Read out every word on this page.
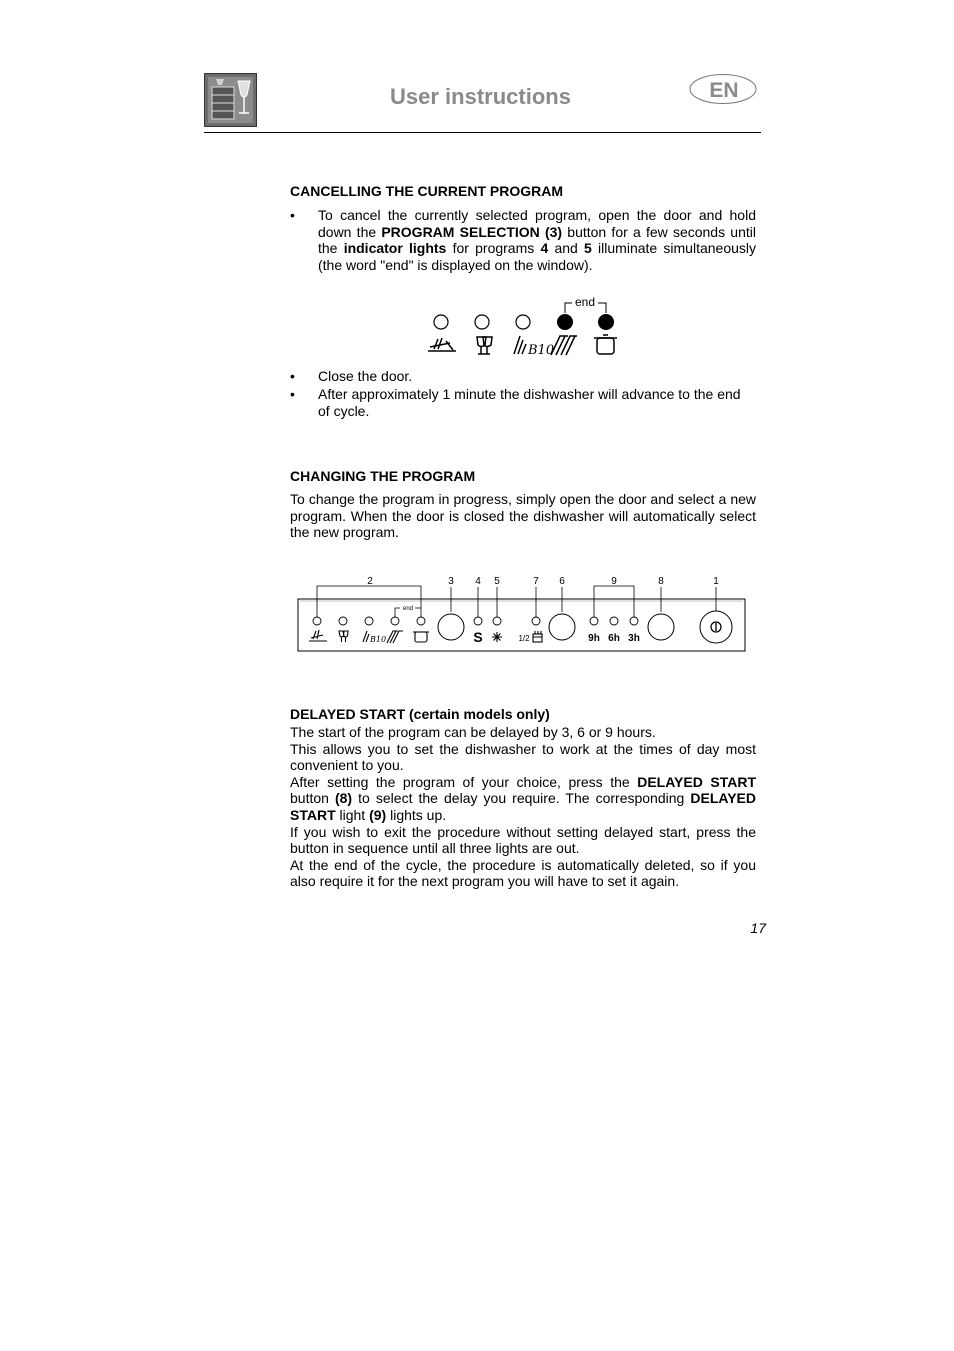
User instructions	EN
CANCELLING THE CURRENT PROGRAM
• To cancel the currently selected program, open the door and hold down the PROGRAM SELECTION (3) button for a few seconds until the indicator lights for programs 4 and 5 illuminate simultaneously (the word "end" is displayed on the window).
end
B10
• Close the door.
• After approximately 1 minute the dishwasher will advance to the end of cycle.
CHANGING THE PROGRAM
To change the program in progress, simply open the door and select a new program. When the door is closed the dishwasher will automatically select the new program.
2	3 4 5	7 6	9	8	1
end
B10	S	1/2	9h 6h 3h
DELAYED START (certain models only)
The start of the program can be delayed by 3, 6 or 9 hours.
This allows you to set the dishwasher to work at the times of day most convenient to you.
After setting the program of your choice, press the DELAYED START button (8) to select the delay you require. The corresponding DELAYED START light (9) lights up.
If you wish to exit the procedure without setting delayed start, press the button in sequence until all three lights are out.
At the end of the cycle, the procedure is automatically deleted, so if you also require it for the next program you will have to set it again.
17
